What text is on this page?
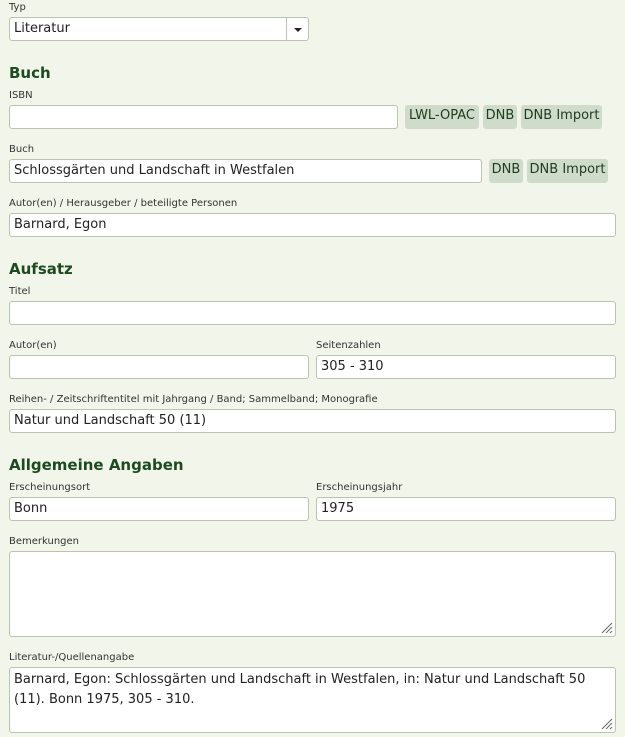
Typ
Literatur
Buch
ISBN
LWL-OPAC DNB DNB Import
Buch
Schlossgärten und Landschaft in Westfalen	DNB DNB Import
Autor(en) / Herausgeber / beteiligte Personen
Barnard, Egon
Aufsatz
Titel
Autor(en)	Seitenzahlen
305 - 310
Reihen- / Zeitschriftentitel mit Jahrgang / Band; Sammelband; Monografie
Natur und Landschaft 50 (11)
Allgemeine Angaben
Erscheinungsort
Bonn
Erscheinungsjahr
1975
Bemerkungen
Literatur-/Quellenangabe
Barnard, Egon: Schlossgärten und Landschaft in Westfalen, in: Natur und Landschaft 50 (11). Bonn 1975, 305 - 310.
